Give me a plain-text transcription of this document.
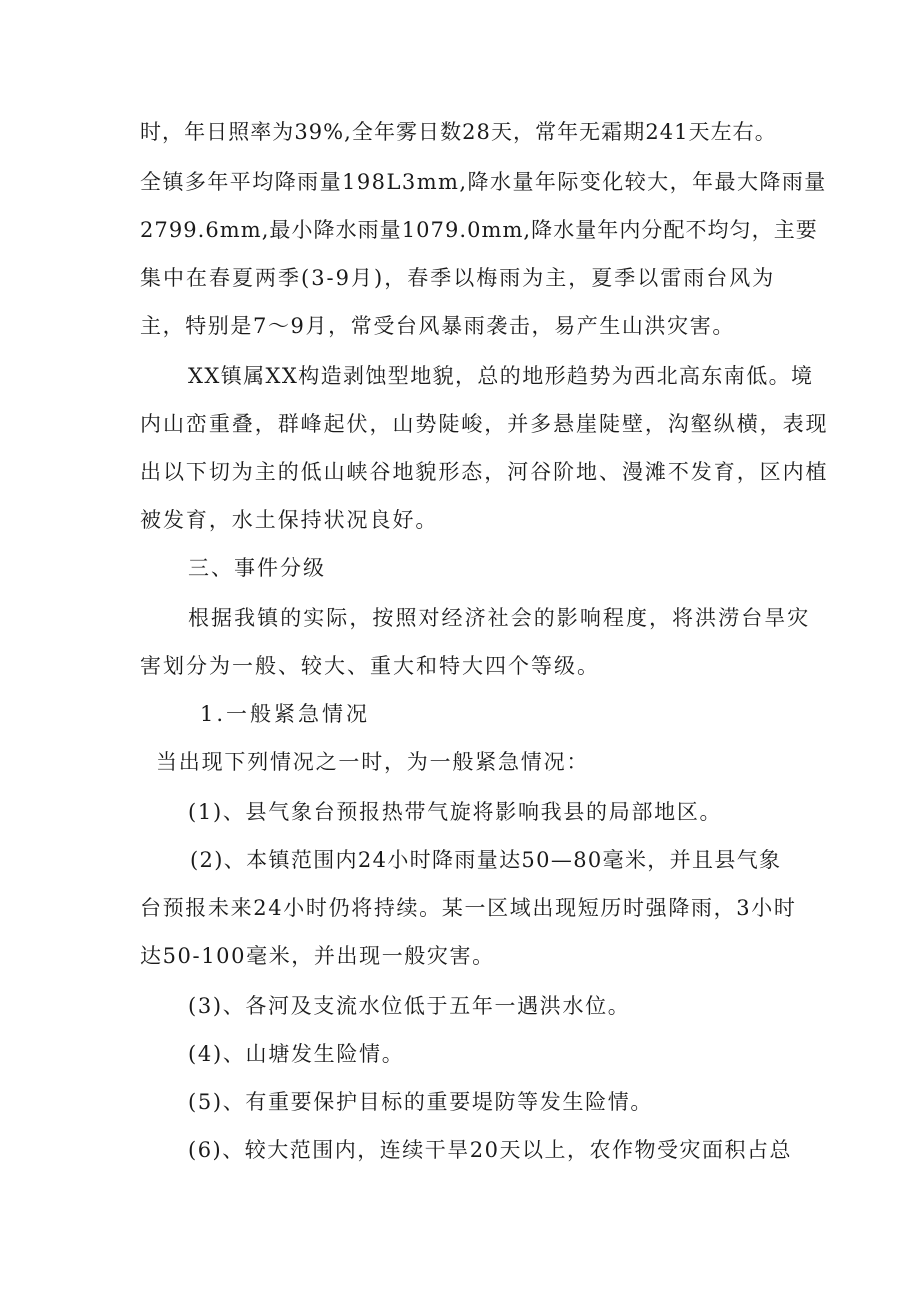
时，年日照率为39%,全年雾日数28天，常年无霜期241天左右。
全镇多年平均降雨量198L3mm,降水量年际变化较大，年最大降雨量
2799.6mm,最小降水雨量1079.0mm,降水量年内分配不均匀，主要
集中在春夏两季(3-9月)，春季以梅雨为主，夏季以雷雨台风为
主，特别是7～9月，常受台风暴雨袭击，易产生山洪灾害。
XX镇属XX构造剥蚀型地貌，总的地形趋势为西北高东南低。境
内山峦重叠，群峰起伏，山势陡峻，并多悬崖陡壁，沟壑纵横，表现
出以下切为主的低山峡谷地貌形态，河谷阶地、漫滩不发育，区内植
被发育，水土保持状况良好。
三、事件分级
根据我镇的实际，按照对经济社会的影响程度，将洪涝台旱灾
害划分为一般、较大、重大和特大四个等级。
1.一般紧急情况
当出现下列情况之一时，为一般紧急情况：
(1)、县气象台预报热带气旋将影响我县的局部地区。
(2)、本镇范围内24小时降雨量达50—80毫米，并且县气象
台预报未来24小时仍将持续。某一区域出现短历时强降雨，3小时
达50-100毫米，并出现一般灾害。
(3)、各河及支流水位低于五年一遇洪水位。
(4)、山塘发生险情。
(5)、有重要保护目标的重要堤防等发生险情。
(6)、较大范围内，连续干旱20天以上，农作物受灾面积占总
